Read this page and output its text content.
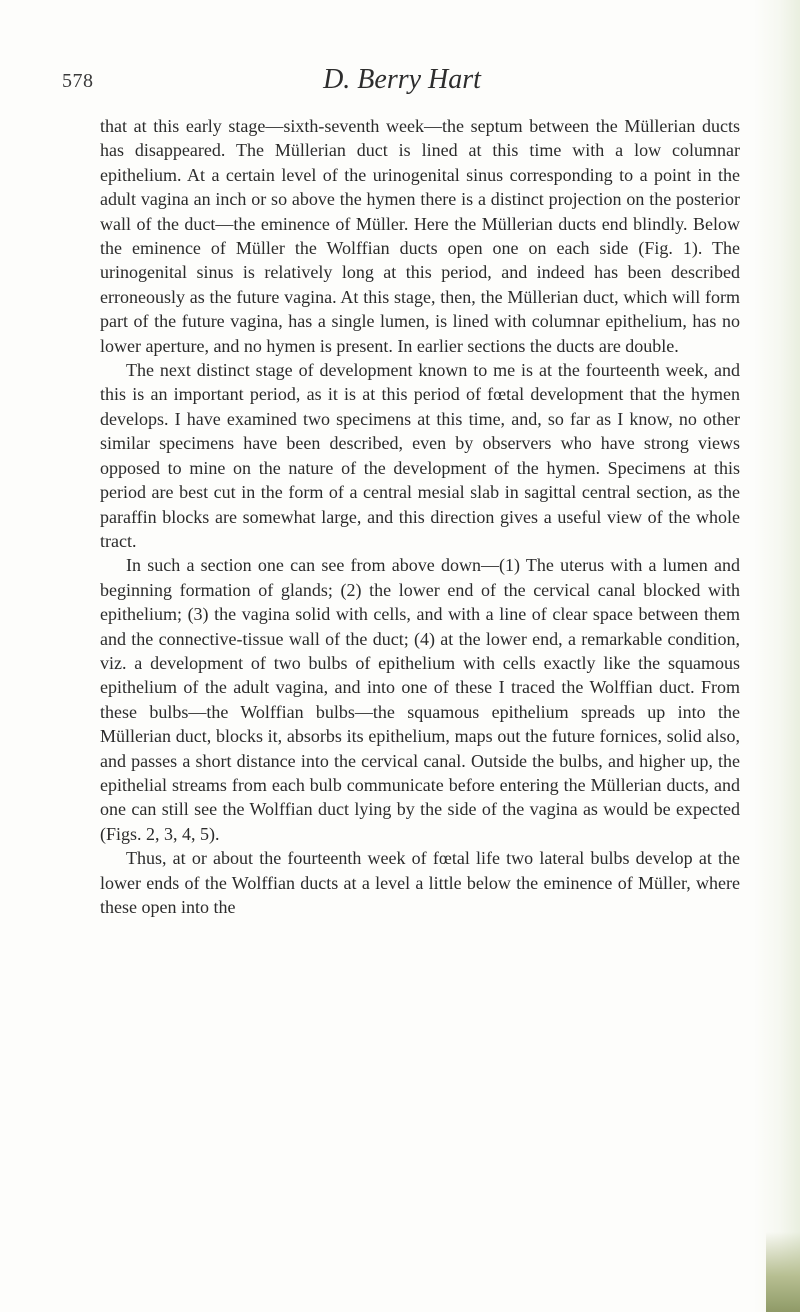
578	D. Berry Hart

that at this early stage—sixth-seventh week—the septum between the Müllerian ducts has disappeared. The Müllerian duct is lined at this time with a low columnar epithelium. At a certain level of the urinogenital sinus corresponding to a point in the adult vagina an inch or so above the hymen there is a distinct projection on the posterior wall of the duct—the eminence of Müller. Here the Müllerian ducts end blindly. Below the eminence of Müller the Wolffian ducts open one on each side (Fig. 1). The urinogenital sinus is relatively long at this period, and indeed has been described erroneously as the future vagina. At this stage, then, the Müllerian duct, which will form part of the future vagina, has a single lumen, is lined with columnar epithelium, has no lower aperture, and no hymen is present. In earlier sections the ducts are double.

The next distinct stage of development known to me is at the fourteenth week, and this is an important period, as it is at this period of fœtal development that the hymen develops. I have examined two specimens at this time, and, so far as I know, no other similar specimens have been described, even by observers who have strong views opposed to mine on the nature of the development of the hymen. Specimens at this period are best cut in the form of a central mesial slab in sagittal central section, as the paraffin blocks are somewhat large, and this direction gives a useful view of the whole tract.

In such a section one can see from above down—(1) The uterus with a lumen and beginning formation of glands; (2) the lower end of the cervical canal blocked with epithelium; (3) the vagina solid with cells, and with a line of clear space between them and the connective-tissue wall of the duct; (4) at the lower end, a remarkable condition, viz. a development of two bulbs of epithelium with cells exactly like the squamous epithelium of the adult vagina, and into one of these I traced the Wolffian duct. From these bulbs—the Wolffian bulbs—the squamous epithelium spreads up into the Müllerian duct, blocks it, absorbs its epithelium, maps out the future fornices, solid also, and passes a short distance into the cervical canal. Outside the bulbs, and higher up, the epithelial streams from each bulb communicate before entering the Müllerian ducts, and one can still see the Wolffian duct lying by the side of the vagina as would be expected (Figs. 2, 3, 4, 5).

Thus, at or about the fourteenth week of fœtal life two lateral bulbs develop at the lower ends of the Wolffian ducts at a level a little below the eminence of Müller, where these open into the
